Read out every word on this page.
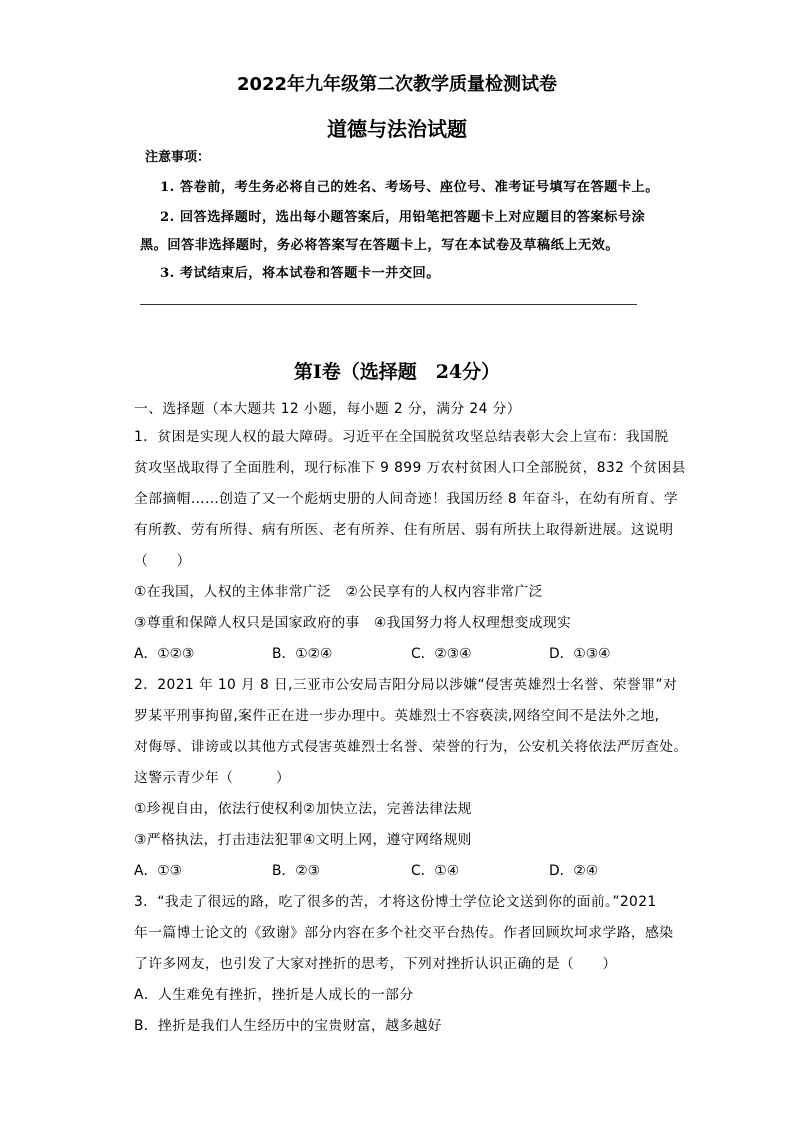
2022年九年级第二次教学质量检测试卷
道德与法治试题
注意事项：
1. 答卷前，考生务必将自己的姓名、考场号、座位号、准考证号填写在答题卡上。
2. 回答选择题时，选出每小题答案后，用铅笔把答题卡上对应题目的答案标号涂
黑。回答非选择题时，务必将答案写在答题卡上，写在本试卷及草稿纸上无效。
3. 考试结束后，将本试卷和答题卡一并交回。
第Ⅰ卷（选择题　24分）
一、选择题（本大题共 12 小题，每小题 2 分，满分 24 分）
1．贫困是实现人权的最大障碍。习近平在全国脱贫攻坚总结表彰大会上宣布：我国脱
贫攻坚战取得了全面胜利，现行标准下 9 899 万农村贫困人口全部脱贫，832 个贫困县
全部摘帽……创造了又一个彪炳史册的人间奇迹！我国历经 8 年奋斗，在幼有所育、学
有所教、劳有所得、病有所医、老有所养、住有所居、弱有所扶上取得新进展。这说明
（　　）
①在我国，人权的主体非常广泛　②公民享有的人权内容非常广泛
③尊重和保障人权只是国家政府的事　④我国努力将人权理想变成现实
A．①②③	B．①②④	C．②③④	D．①③④
2．2021 年 10 月 8 日,三亚市公安局吉阳分局以涉嫌“侵害英雄烈士名誉、荣誉罪”对
罗某平刑事拘留,案件正在进一步办理中。英雄烈士不容亵渎,网络空间不是法外之地,
对侮辱、诽谤或以其他方式侵害英雄烈士名誉、荣誉的行为，公安机关将依法严厉查处。
这警示青少年（　　　）
①珍视自由，依法行使权利②加快立法，完善法律法规
③严格执法，打击违法犯罪④文明上网，遵守网络规则
A．①③	B．②③	C．①④	D．②④
3．“我走了很远的路，吃了很多的苦，才将这份博士学位论文送到你的面前。”2021
年一篇博士论文的《致谢》部分内容在多个社交平台热传。作者回顾坎坷求学路，感染
了许多网友，也引发了大家对挫折的思考，下列对挫折认识正确的是（　　）
A．人生难免有挫折，挫折是人成长的一部分
B．挫折是我们人生经历中的宝贵财富，越多越好
